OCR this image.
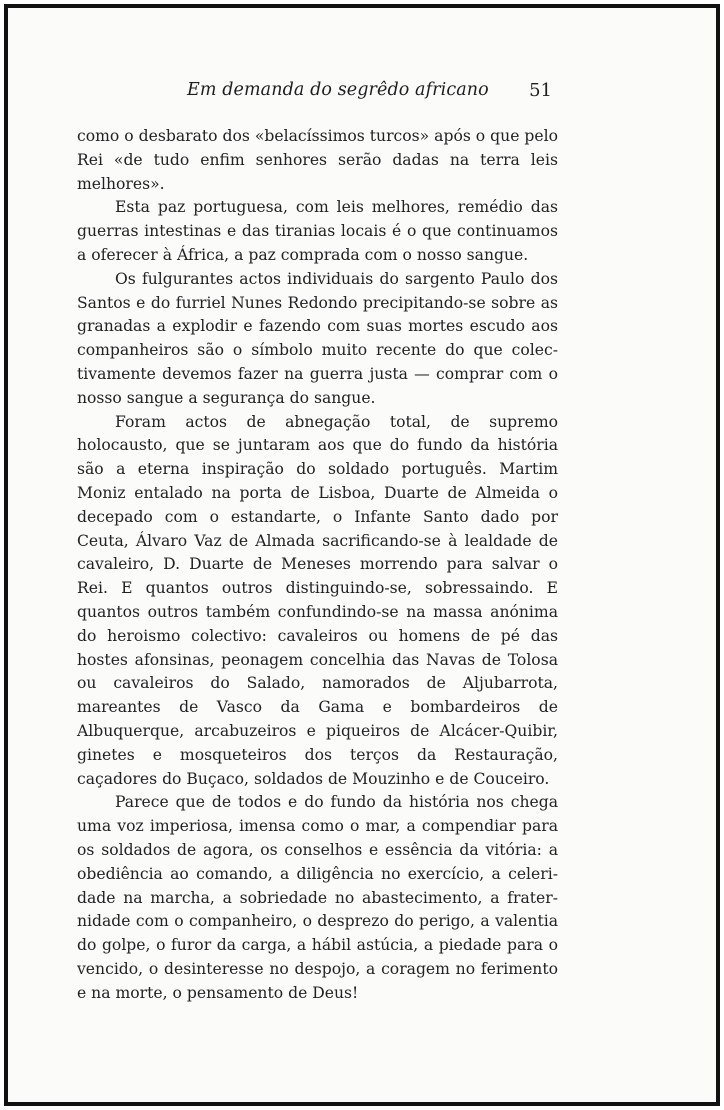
Em demanda do segrêdo africano 51

como o desbarato dos «belacíssimos turcos» após o que pelo Rei «de tudo enfim senhores serão dadas na terra leis melhores».

Esta paz portuguesa, com leis melhores, remédio das guerras intestinas e das tiranias locais é o que continuamos a oferecer à África, a paz comprada com o nosso sangue.

Os fulgurantes actos individuais do sargento Paulo dos Santos e do furriel Nunes Redondo precipitando-se sobre as granadas a explodir e fazendo com suas mortes escudo aos companheiros são o símbolo muito recente do que colectivamente devemos fazer na guerra justa — comprar com o nosso sangue a segurança do sangue.

Foram actos de abnegação total, de supremo holocausto, que se juntaram aos que do fundo da história são a eterna inspiração do soldado português. Martim Moniz entalado na porta de Lisboa, Duarte de Almeida o decepado com o estandarte, o Infante Santo dado por Ceuta, Álvaro Vaz de Almada sacrificando-se à lealdade de cavaleiro, D. Duarte de Meneses morrendo para salvar o Rei. E quantos outros distinguindo-se, sobressaindo. E quantos outros também confundindo-se na massa anónima do heroismo colectivo: cavaleiros ou homens de pé das hostes afonsinas, peonagem concelhia das Navas de Tolosa ou cavaleiros do Salado, namorados de Aljubarrota, mareantes de Vasco da Gama e bombardeiros de Albuquerque, arcabuzeiros e piqueiros de Alcácer-Quibir, ginetes e mosqueteiros dos terços da Restauração, caçadores do Buçaco, soldados de Mouzinho e de Couceiro.

Parece que de todos e do fundo da história nos chega uma voz imperiosa, imensa como o mar, a compendiar para os soldados de agora, os conselhos e essência da vitória: a obediência ao comando, a diligência no exercício, a celeridade na marcha, a sobriedade no abastecimento, a fraternidade com o companheiro, o desprezo do perigo, a valentia do golpe, o furor da carga, a hábil astúcia, a piedade para o vencido, o desinteresse no despojo, a coragem no ferimento e na morte, o pensamento de Deus!
